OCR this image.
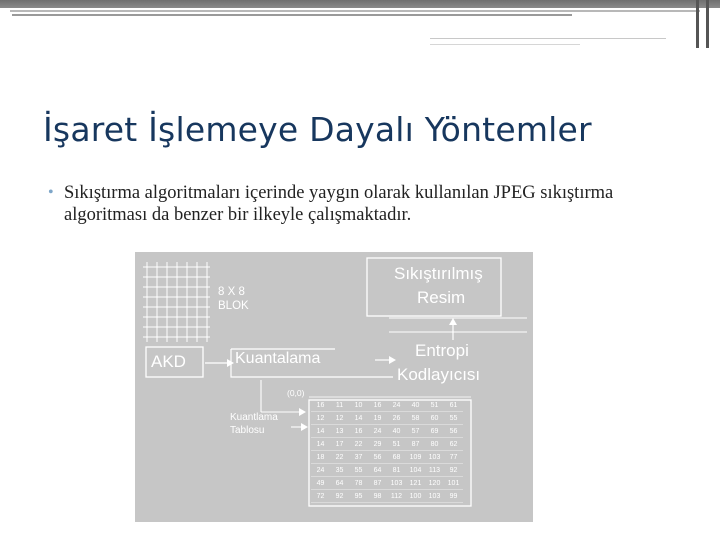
İşaret İşlemeye Dayalı Yöntemler
• Sıkıştırma algoritmaları içerinde yaygın olarak kullanılan JPEG sıkıştırma algoritması da benzer bir ilkeyle çalışmaktadır.
8 X 8
BLOK
AKD	Kuantalama
Sıkıştırılmış
Resim
Entropi
Kodlayıcısı
(0,0)
Kuantlama
Tablosu
16	11	10	16	24	40	51	61
12	12	14	19	26	58	60	55
14	13	16	24	40	57	69	56
14	17	22	29	51	87	80	62
18	22	37	56	68	109	103	77
24	35	55	64	81	104	113	92
49	64	78	87	103	121	120	101
72	92	95	98	112	100	103	99
